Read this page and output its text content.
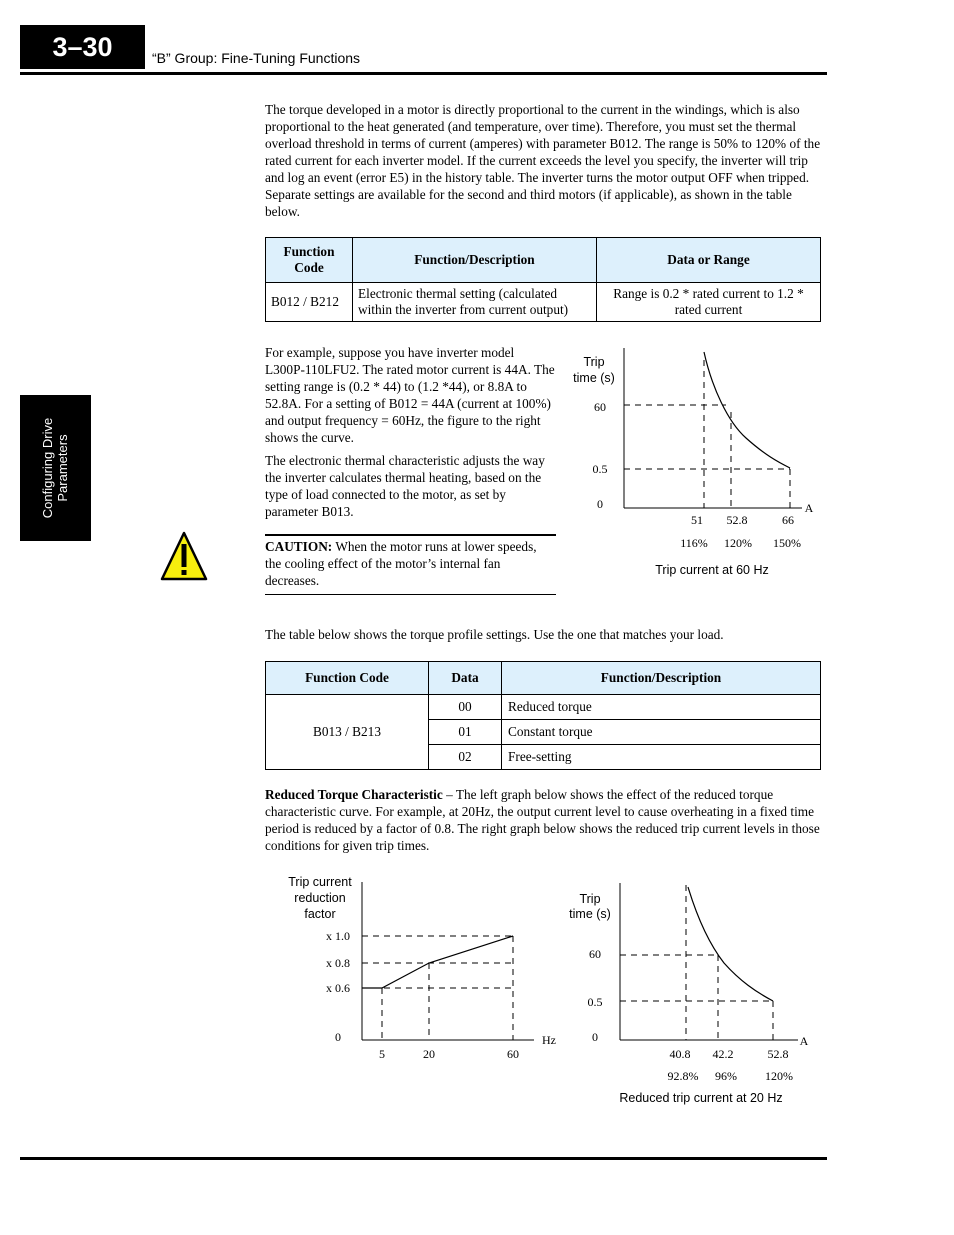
3–30	“B” Group: Fine-Tuning Functions
Configuring Drive Parameters
The torque developed in a motor is directly proportional to the current in the windings, which is also proportional to the heat generated (and temperature, over time). Therefore, you must set the thermal overload threshold in terms of current (amperes) with parameter B012. The range is 50% to 120% of the rated current for each inverter model. If the current exceeds the level you specify, the inverter will trip and log an event (error E5) in the history table. The inverter turns the motor output OFF when tripped. Separate settings are available for the second and third motors (if applicable), as shown in the table below.
Function Code	Function/Description	Data or Range
B012 / B212	Electronic thermal setting (calculated within the inverter from current output)	Range is 0.2 * rated current to 1.2 * rated current
For example, suppose you have inverter model L300P-110LFU2. The rated motor current is 44A. The setting range is (0.2 * 44) to (1.2 *44), or 8.8A to 52.8A. For a setting of B012 = 44A (current at 100%) and output frequency = 60Hz, the figure to the right shows the curve.
The electronic thermal characteristic adjusts the way the inverter calculates thermal heating, based on the type of load connected to the motor, as set by parameter B013.
CAUTION: When the motor runs at lower speeds, the cooling effect of the motor’s internal fan decreases.
Trip
time (s)
60
0.5
0	A
51 52.8	66
116% 120% 150%
Trip current at 60 Hz
The table below shows the torque profile settings. Use the one that matches your load.
Function Code	Data	Function/Description
B013 / B213	00	Reduced torque
	01	Constant torque
	02	Free-setting
Reduced Torque Characteristic – The left graph below shows the effect of the reduced torque characteristic curve. For example, at 20Hz, the output current level to cause overheating in a fixed time period is reduced by a factor of 0.8. The right graph below shows the reduced trip current levels in those conditions for given trip times.
Trip current
reduction
factor
x 1.0
x 0.8
x 0.6
0	Hz
5	20	60
Trip
time (s)
60
0.5
0	A
40.8 42.2	52.8
92.8% 96% 120%
Reduced trip current at 20 Hz
